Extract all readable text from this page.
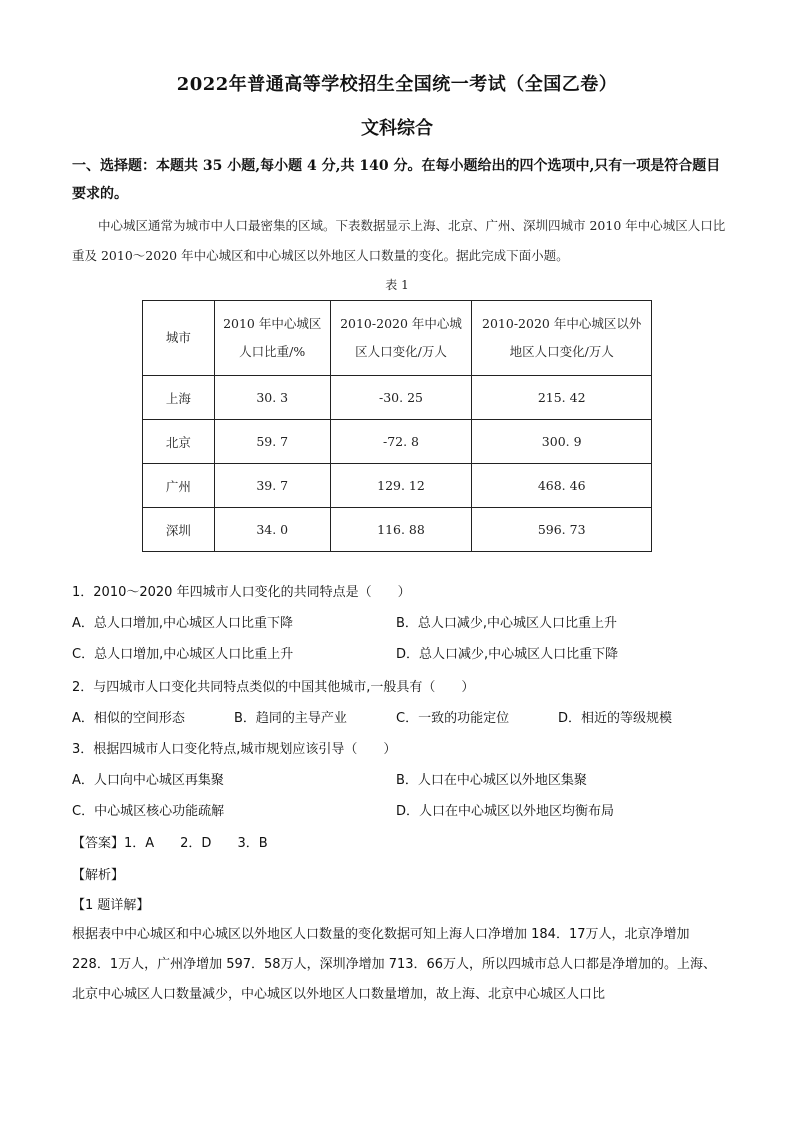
2022年普通高等学校招生全国统一考试（全国乙卷）
文科综合
一、选择题：本题共 35 小题,每小题 4 分,共 140 分。在每小题给出的四个选项中,只有一项是符合题目要求的。
中心城区通常为城市中人口最密集的区域。下表数据显示上海、北京、广州、深圳四城市 2010 年中心城区人口比重及 2010～2020 年中心城区和中心城区以外地区人口数量的变化。据此完成下面小题。
表 1
城市	2010 年中心城区人口比重/%	2010-2020 年中心城区人口变化/万人	2010-2020 年中心城区以外地区人口变化/万人
上海	30. 3	-30. 25	215. 42
北京	59. 7	-72. 8	300. 9
广州	39. 7	129. 12	468. 46
深圳	34. 0	116. 88	596. 73
1．2010～2020 年四城市人口变化的共同特点是（　　）
A．总人口增加,中心城区人口比重下降	B．总人口减少,中心城区人口比重上升
C．总人口增加,中心城区人口比重上升	D．总人口减少,中心城区人口比重下降
2．与四城市人口变化共同特点类似的中国其他城市,一般具有（　　）
A．相似的空间形态	B．趋同的主导产业	C．一致的功能定位	D．相近的等级规模
3．根据四城市人口变化特点,城市规划应该引导（　　）
A．人口向中心城区再集聚	B．人口在中心城区以外地区集聚
C．中心城区核心功能疏解	D．人口在中心城区以外地区均衡布局
【答案】1．A　　2．D　　3．B
【解析】
【1 题详解】
根据表中中心城区和中心城区以外地区人口数量的变化数据可知上海人口净增加 184．17万人，北京净增加 228．1万人，广州净增加 597．58万人，深圳净增加 713．66万人，所以四城市总人口都是净增加的。上海、北京中心城区人口数量减少，中心城区以外地区人口数量增加，故上海、北京中心城区人口比
